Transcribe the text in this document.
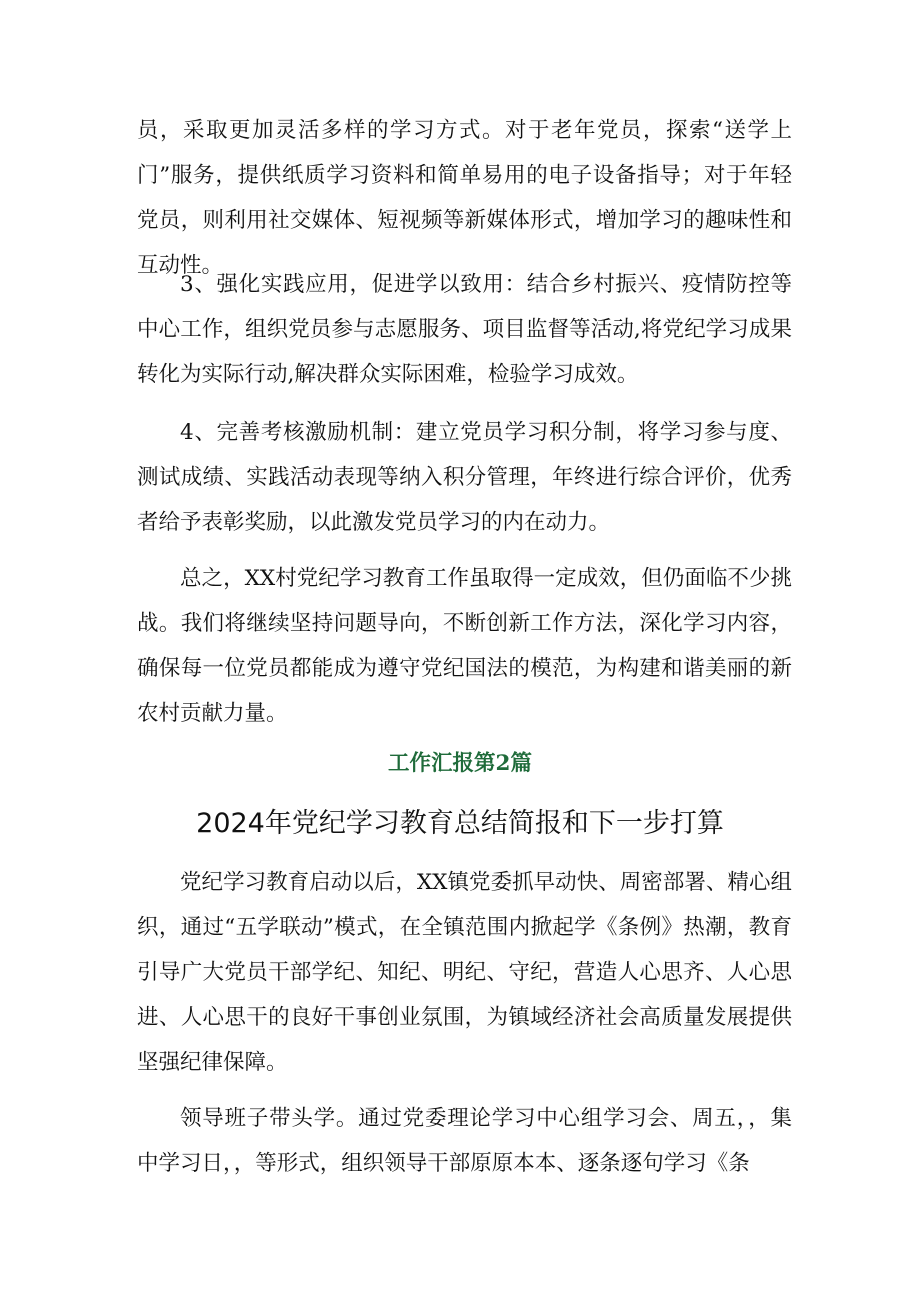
员，采取更加灵活多样的学习方式。对于老年党员，探索“送学上门”服务，提供纸质学习资料和简单易用的电子设备指导；对于年轻党员，则利用社交媒体、短视频等新媒体形式，增加学习的趣味性和互动性。

3、强化实践应用，促进学以致用：结合乡村振兴、疫情防控等中心工作，组织党员参与志愿服务、项目监督等活动,将党纪学习成果转化为实际行动,解决群众实际困难，检验学习成效。

4、完善考核激励机制：建立党员学习积分制，将学习参与度、测试成绩、实践活动表现等纳入积分管理，年终进行综合评价，优秀者给予表彰奖励，以此激发党员学习的内在动力。

总之，XX村党纪学习教育工作虽取得一定成效，但仍面临不少挑战。我们将继续坚持问题导向，不断创新工作方法，深化学习内容，确保每一位党员都能成为遵守党纪国法的模范，为构建和谐美丽的新农村贡献力量。

工作汇报第2篇

2024年党纪学习教育总结简报和下一步打算

党纪学习教育启动以后，XX镇党委抓早动快、周密部署、精心组织，通过“五学联动”模式，在全镇范围内掀起学《条例》热潮，教育引导广大党员干部学纪、知纪、明纪、守纪，营造人心思齐、人心思进、人心思干的良好干事创业氛围，为镇域经济社会高质量发展提供坚强纪律保障。

领导班子带头学。通过党委理论学习中心组学习会、周五，，集中学习日，，等形式，组织领导干部原原本本、逐条逐句学习《条
